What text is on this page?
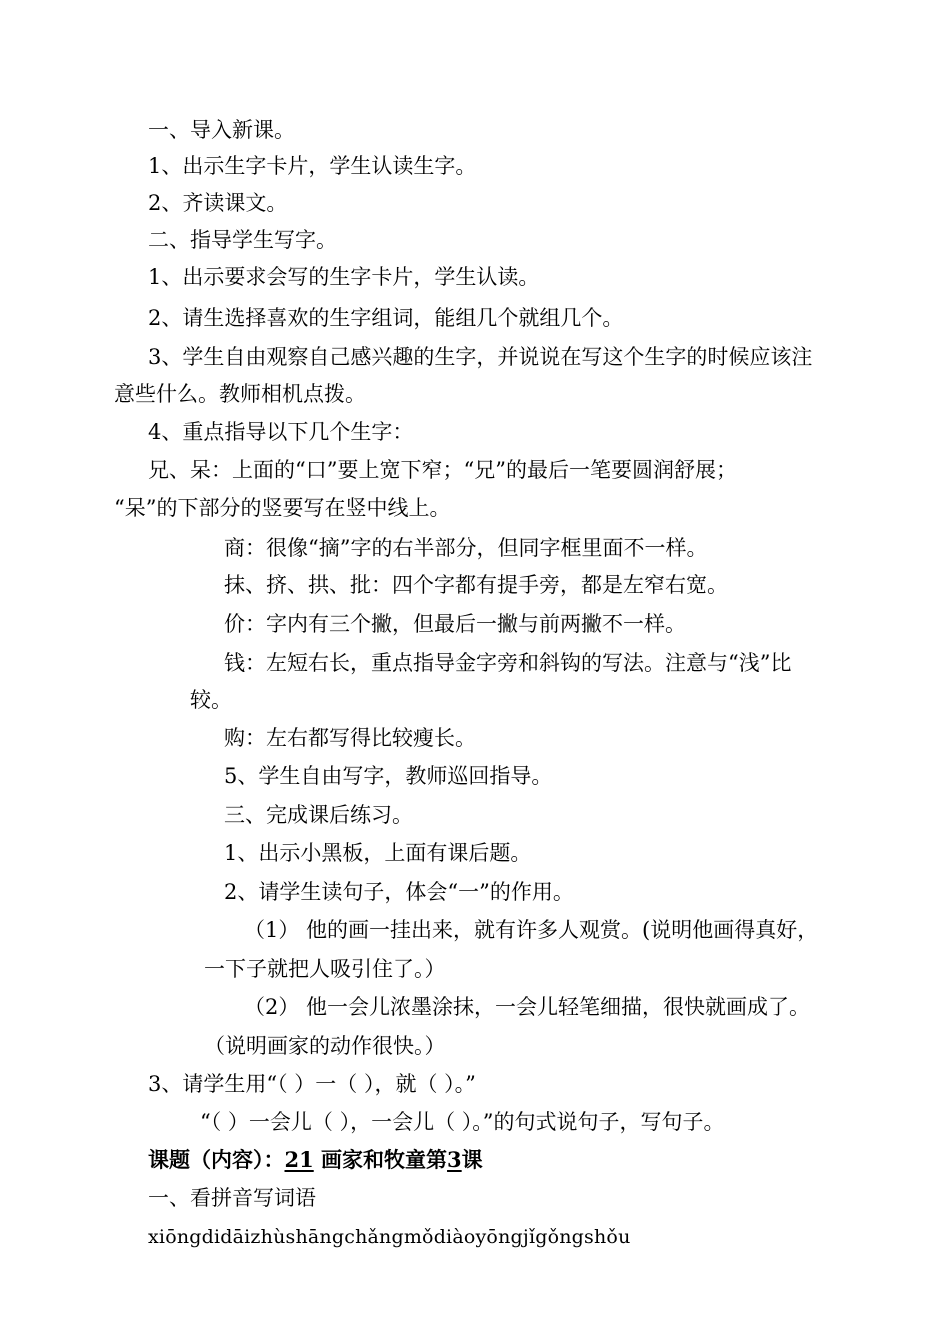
一、导入新课。

1、出示生字卡片，学生认读生字。

2、齐读课文。

二、指导学生写字。

1、出示要求会写的生字卡片，学生认读。

2、请生选择喜欢的生字组词，能组几个就组几个。

3、学生自由观察自己感兴趣的生字，并说说在写这个生字的时候应该注

意些什么。教师相机点拨。

4、重点指导以下几个生字：

兄、呆：上面的“口”要上宽下窄；“兄”的最后一笔要圆润舒展；

“呆”的下部分的竖要写在竖中线上。

商：很像“摘”字的右半部分，但同字框里面不一样。

抹、挤、拱、批：四个字都有提手旁，都是左窄右宽。

价：字内有三个撇，但最后一撇与前两撇不一样。

钱：左短右长，重点指导金字旁和斜钩的写法。注意与“浅”比

较。

购：左右都写得比较瘦长。

5、学生自由写字，教师巡回指导。

三、完成课后练习。

1、出示小黑板，上面有课后题。

2、请学生读句子，体会“一”的作用。

（1） 他的画一挂出来，就有许多人观赏。(说明他画得真好，

一下子就把人吸引住了。）

（2） 他一会儿浓墨涂抹，一会儿轻笔细描，很快就画成了。

（说明画家的动作很快。）

3、请学生用“（ ）一（ ），就（ ）。”

“（ ）一会儿（ ），一会儿（ ）。”的句式说句子，写句子。

课题（内容）：21 画家和牧童第3课

一、看拼音写词语

xiōngdidāizhùshāngchǎngmǒdiàoyōngjǐgǒngshǒu
